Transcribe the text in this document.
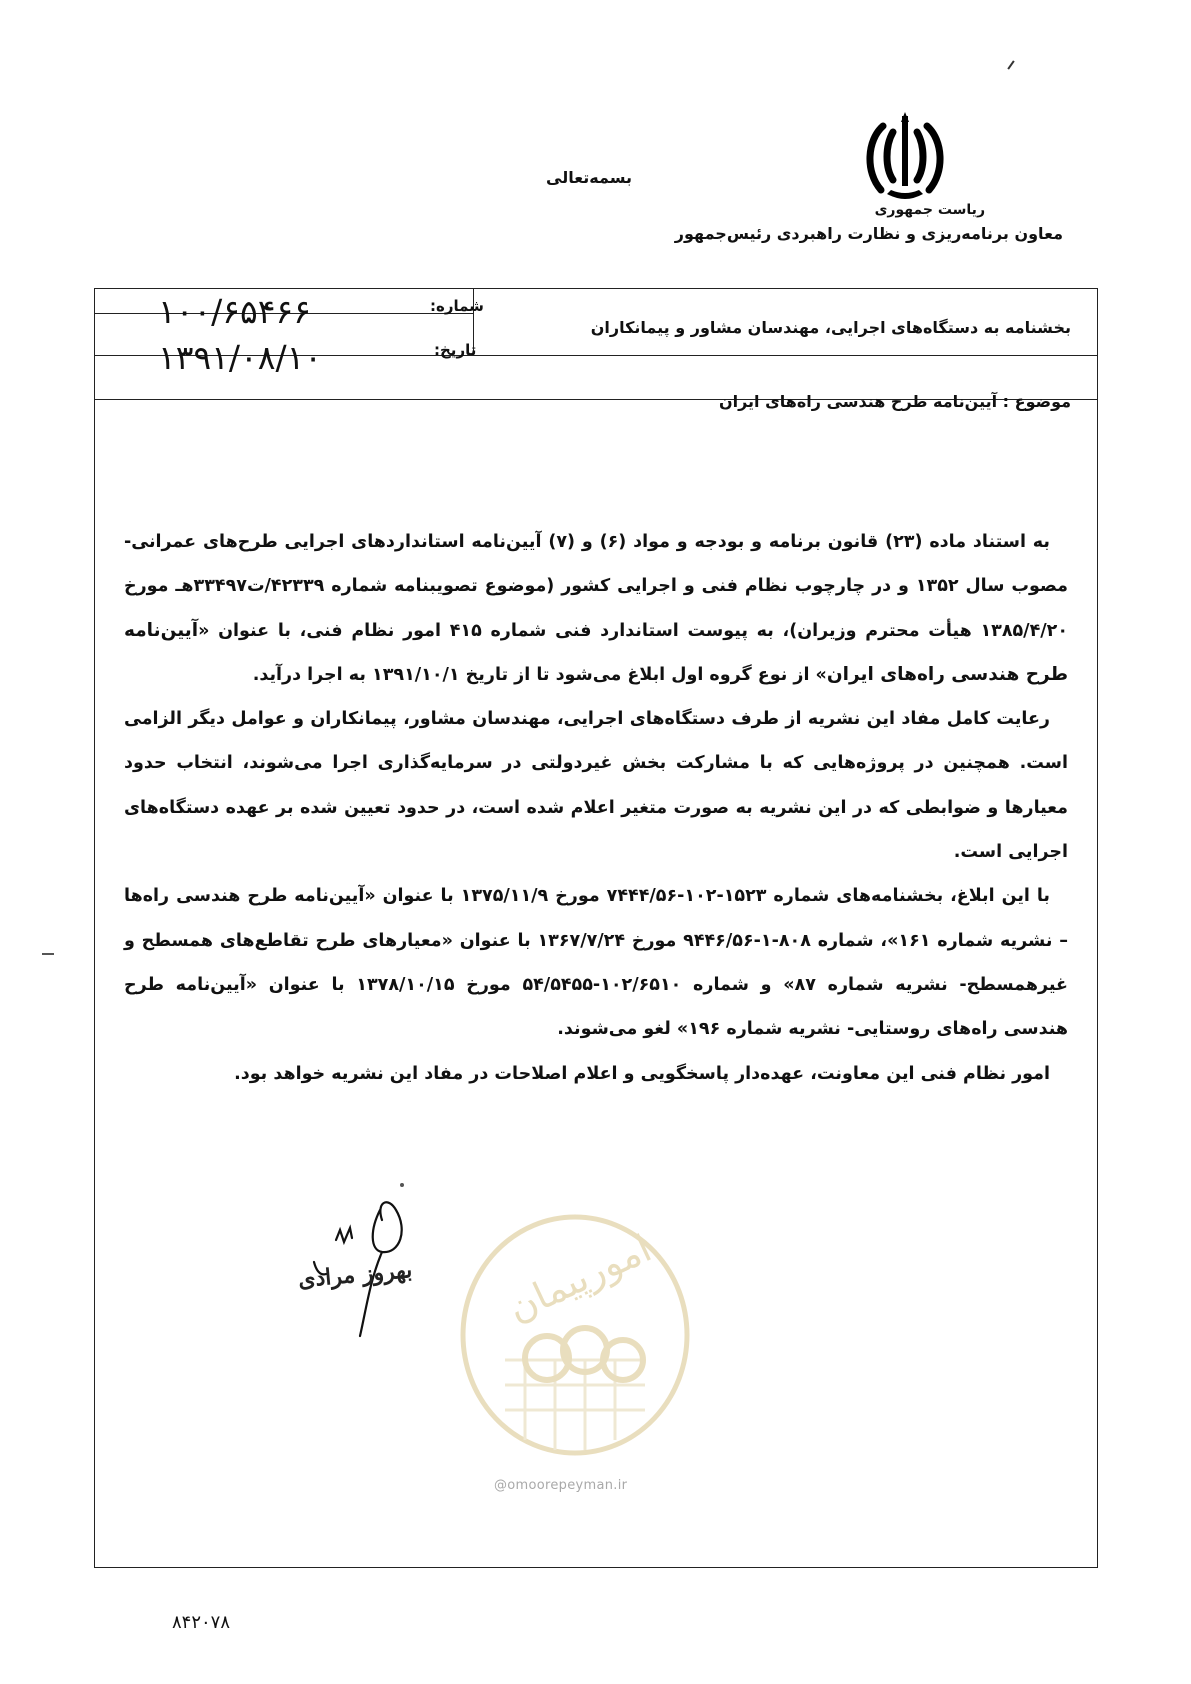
ریاست جمهوری
معاون برنامه‌ریزی و نظارت راهبردی رئیس‌جمهور
بسمه‌تعالی
شماره:
۱۰۰/۶۵۴۶۶
تاریخ:
۱۳۹۱/۰۸/۱۰
بخشنامه به دستگاه‌های اجرایی، مهندسان مشاور و پیمانکاران
موضوع : آیین‌نامه طرح هندسی راه‌های ایران

به استناد ماده (۲۳) قانون برنامه و بودجه و مواد (۶) و (۷) آیین‌نامه استانداردهای اجرایی طرح‌های عمرانی- مصوب سال ۱۳۵۲ و در چارچوب نظام فنی و اجرایی کشور (موضوع تصویبنامه شماره ۴۲۳۳۹/ت۳۳۴۹۷هـ مورخ ۱۳۸۵/۴/۲۰ هیأت محترم وزیران)، به پیوست استاندارد فنی شماره ۴۱۵ امور نظام فنی، با عنوان «آیین‌نامه طرح هندسی راه‌های ایران» از نوع گروه اول ابلاغ می‌شود تا از تاریخ ۱۳۹۱/۱۰/۱ به اجرا درآید.

رعایت کامل مفاد این نشریه از طرف دستگاه‌های اجرایی، مهندسان مشاور، پیمانکاران و عوامل دیگر الزامی است. همچنین در پروژه‌هایی که با مشارکت بخش غیردولتی در سرمایه‌گذاری اجرا می‌شوند، انتخاب حدود معیارها و ضوابطی که در این نشریه به صورت متغیر اعلام شده است، در حدود تعیین شده بر عهده دستگاه‌های اجرایی است.

با این ابلاغ، بخشنامه‌های شماره ۱۵۲۳-۱۰۲-۷۴۴۴/۵۶ مورخ ۱۳۷۵/۱۱/۹ با عنوان «آیین‌نامه طرح هندسی راه‌ها – نشریه شماره ۱۶۱»، شماره ۸۰۸-۱-۹۴۴۶/۵۶ مورخ ۱۳۶۷/۷/۲۴ با عنوان «معیارهای طرح تقاطع‌های همسطح و غیرهمسطح- نشریه شماره ۸۷» و شماره ۱۰۲/۶۵۱۰-۵۴/۵۴۵۵ مورخ ۱۳۷۸/۱۰/۱۵ با عنوان «آیین‌نامه طرح هندسی راه‌های روستایی- نشریه شماره ۱۹۶» لغو می‌شوند.

امور نظام فنی این معاونت، عهده‌دار پاسخگویی و اعلام اصلاحات در مفاد این نشریه خواهد بود.

بهروز مرادی امورپیمان
@omoorepeyman.ir
۸۴۲۰۷۸
